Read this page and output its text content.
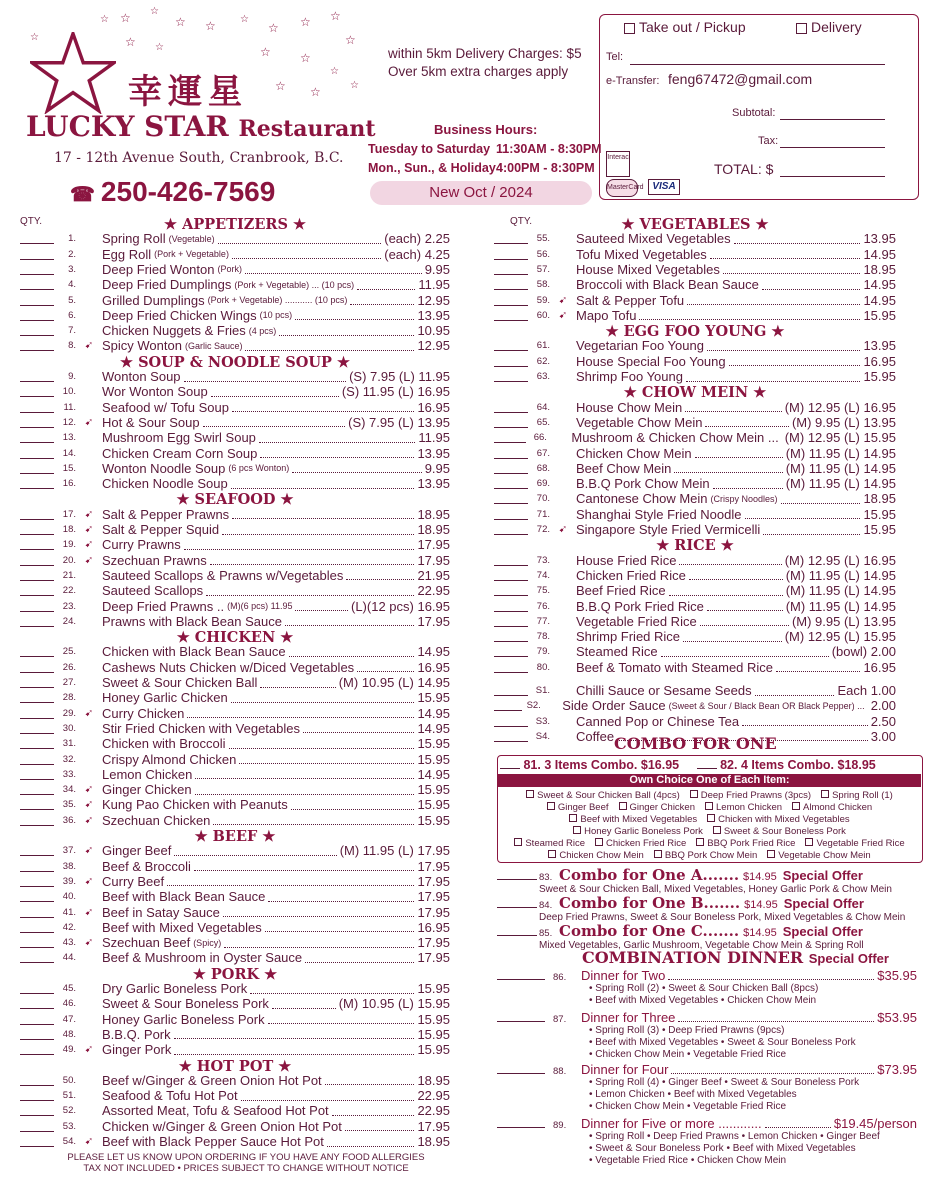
☆ ☆
☆ ☆ ☆
☆ ☆ ☆
☆
☆ ☆	☆ ☆
☆
☆ ☆	☆
☆
☆
幸運星
LUCKY STAR Restaurant
17 - 12th Avenue South, Cranbrook, B.C.
☎ 250-426-7569
within 5km Delivery Charges: $5
Over 5km extra charges apply
Business Hours:
Tuesday to Saturday 11:30AM - 8:30PM
Mon., Sun., & Holiday 4:00PM - 8:30PM
New Oct / 2024
Take out / Pickup	Delivery
Tel:
e-Transfer: feng67472@gmail.com
Subtotal:
Tax:
TOTAL: $
Interac
MasterCard VISA
QTY.	★ APPETIZERS ★
1. Spring Roll (Vegetable)	(each) 2.25
2. Egg Roll (Pork + Vegetable)	(each) 4.25
3. Deep Fried Wonton (Pork)	9.95
4. Deep Fried Dumplings (Pork + Vegetable) ... (10 pcs)	11.95
5. Grilled Dumplings (Pork + Vegetable) ........... (10 pcs)	12.95
6. Deep Fried Chicken Wings (10 pcs)	13.95
7. Chicken Nuggets & Fries (4 pcs)	10.95
8. ➹ Spicy Wonton (Garlic Sauce)	12.95
★ SOUP & NOODLE SOUP ★
9. Wonton Soup	(S) 7.95 (L) 11.95
10. Wor Wonton Soup	(S) 11.95 (L) 16.95
11. Seafood w/ Tofu Soup	16.95
12. ➹ Hot & Sour Soup	(S) 7.95 (L) 13.95
13. Mushroom Egg Swirl Soup	11.95
14. Chicken Cream Corn Soup	13.95
15. Wonton Noodle Soup (6 pcs Wonton)	9.95
16. Chicken Noodle Soup	13.95
★ SEAFOOD ★
17. ➹ Salt & Pepper Prawns	18.95
18. ➹ Salt & Pepper Squid	18.95
19. ➹ Curry Prawns	17.95
20. ➹ Szechuan Prawns	17.95
21. Sauteed Scallops & Prawns w/Vegetables	21.95
22. Sauteed Scallops	22.95
23. Deep Fried Prawns .. (M)(6 pcs) 11.95	(L)(12 pcs) 16.95
24. Prawns with Black Bean Sauce	17.95
★ CHICKEN ★
25. Chicken with Black Bean Sauce	14.95
26. Cashews Nuts Chicken w/Diced Vegetables	16.95
27. Sweet & Sour Chicken Ball	(M) 10.95 (L) 14.95
28. Honey Garlic Chicken	15.95
29. ➹ Curry Chicken	14.95
30. Stir Fried Chicken with Vegetables	14.95
31. Chicken with Broccoli	15.95
32. Crispy Almond Chicken	15.95
33. Lemon Chicken	14.95
34. ➹ Ginger Chicken	15.95
35. ➹ Kung Pao Chicken with Peanuts	15.95
36. ➹ Szechuan Chicken	15.95
★ BEEF ★
37. ➹ Ginger Beef	(M) 11.95 (L) 17.95
38. Beef & Broccoli	17.95
39. ➹ Curry Beef	17.95
40. Beef with Black Bean Sauce	17.95
41. ➹ Beef in Satay Sauce	17.95
42. Beef with Mixed Vegetables	16.95
43. ➹ Szechuan Beef (Spicy)	17.95
44. Beef & Mushroom in Oyster Sauce	17.95
★ PORK ★
45. Dry Garlic Boneless Pork	15.95
46. Sweet & Sour Boneless Pork	(M) 10.95 (L) 15.95
47. Honey Garlic Boneless Pork	15.95
48. B.B.Q. Pork	15.95
49. ➹ Ginger Pork	15.95
★ HOT POT ★
50. Beef w/Ginger & Green Onion Hot Pot	18.95
51. Seafood & Tofu Hot Pot	22.95
52. Assorted Meat, Tofu & Seafood Hot Pot	22.95
53. Chicken w/Ginger & Green Onion Hot Pot	17.95
54. ➹ Beef with Black Pepper Sauce Hot Pot	18.95
QTY.	★ VEGETABLES ★
55. Sauteed Mixed Vegetables	13.95
56. Tofu Mixed Vegetables	14.95
57. House Mixed Vegetables	18.95
58. Broccoli with Black Bean Sauce	14.95
59. ➹ Salt & Pepper Tofu	14.95
60. ➹ Mapo Tofu	15.95
★ EGG FOO YOUNG ★
61. Vegetarian Foo Young	13.95
62. House Special Foo Young	16.95
63. Shrimp Foo Young	15.95
★ CHOW MEIN ★
64. House Chow Mein	(M) 12.95 (L) 16.95
65. Vegetable Chow Mein	(M) 9.95 (L) 13.95
66. Mushroom & Chicken Chow Mein ... (M) 12.95 (L) 15.95
67. Chicken Chow Mein	(M) 11.95 (L) 14.95
68. Beef Chow Mein	(M) 11.95 (L) 14.95
69. B.B.Q Pork Chow Mein	(M) 11.95 (L) 14.95
70. Cantonese Chow Mein (Crispy Noodles)	18.95
71. Shanghai Style Fried Noodle	15.95
72. ➹ Singapore Style Fried Vermicelli	15.95
★ RICE ★
73. House Fried Rice	(M) 12.95 (L) 16.95
74. Chicken Fried Rice	(M) 11.95 (L) 14.95
75. Beef Fried Rice	(M) 11.95 (L) 14.95
76. B.B.Q Pork Fried Rice	(M) 11.95 (L) 14.95
77. Vegetable Fried Rice	(M) 9.95 (L) 13.95
78. Shrimp Fried Rice	(M) 12.95 (L) 15.95
79. Steamed Rice	(bowl) 2.00
80. Beef & Tomato with Steamed Rice	16.95
S1. Chilli Sauce or Sesame Seeds	Each 1.00
S2. Side Order Sauce (Sweet & Sour / Black Bean OR Black Pepper) ... 2.00
S3. Canned Pop or Chinese Tea	2.50
S4. Coffee	3.00
COMBO FOR ONE
81. 3 Items Combo. $16.95	82. 4 Items Combo. $18.95
Own Choice One of Each Item:
Sweet & Sour Chicken Ball (4pcs) Deep Fried Prawns (3pcs) Spring Roll (1)
Ginger Beef Ginger Chicken Lemon Chicken Almond Chicken
Beef with Mixed Vegetables Chicken with Mixed Vegetables
Honey Garlic Boneless Pork Sweet & Sour Boneless Pork
Steamed Rice Chicken Fried Rice BBQ Pork Fried Rice Vegetable Fried Rice
Chicken Chow Mein BBQ Pork Chow Mein Vegetable Chow Mein
83. Combo for One A....... $14.95 Special Offer
Sweet & Sour Chicken Ball, Mixed Vegetables, Honey Garlic Pork & Chow Mein
84. Combo for One B....... $14.95 Special Offer
Deep Fried Prawns, Sweet & Sour Boneless Pork, Mixed Vegetables & Chow Mein
85. Combo for One C....... $14.95 Special Offer
Mixed Vegetables, Garlic Mushroom, Vegetable Chow Mein & Spring Roll
COMBINATION DINNER Special Offer
86.	Dinner for Two	$35.95
• Spring Roll (2) • Sweet & Sour Chicken Ball (8pcs)
• Beef with Mixed Vegetables • Chicken Chow Mein
87.	Dinner for Three	$53.95
• Spring Roll (3) • Deep Fried Prawns (9pcs)
• Beef with Mixed Vegetables • Sweet & Sour Boneless Pork
• Chicken Chow Mein • Vegetable Fried Rice
88.	Dinner for Four	$73.95
• Spring Roll (4) • Ginger Beef • Sweet & Sour Boneless Pork
• Lemon Chicken • Beef with Mixed Vegetables
• Chicken Chow Mein • Vegetable Fried Rice
89.	Dinner for Five or more ............	$19.45/person
• Spring Roll • Deep Fried Prawns • Lemon Chicken • Ginger Beef
• Sweet & Sour Boneless Pork • Beef with Mixed Vegetables
• Vegetable Fried Rice • Chicken Chow Mein
PLEASE LET US KNOW UPON ORDERING IF YOU HAVE ANY FOOD ALLERGIES
TAX NOT INCLUDED • PRICES SUBJECT TO CHANGE WITHOUT NOTICE
